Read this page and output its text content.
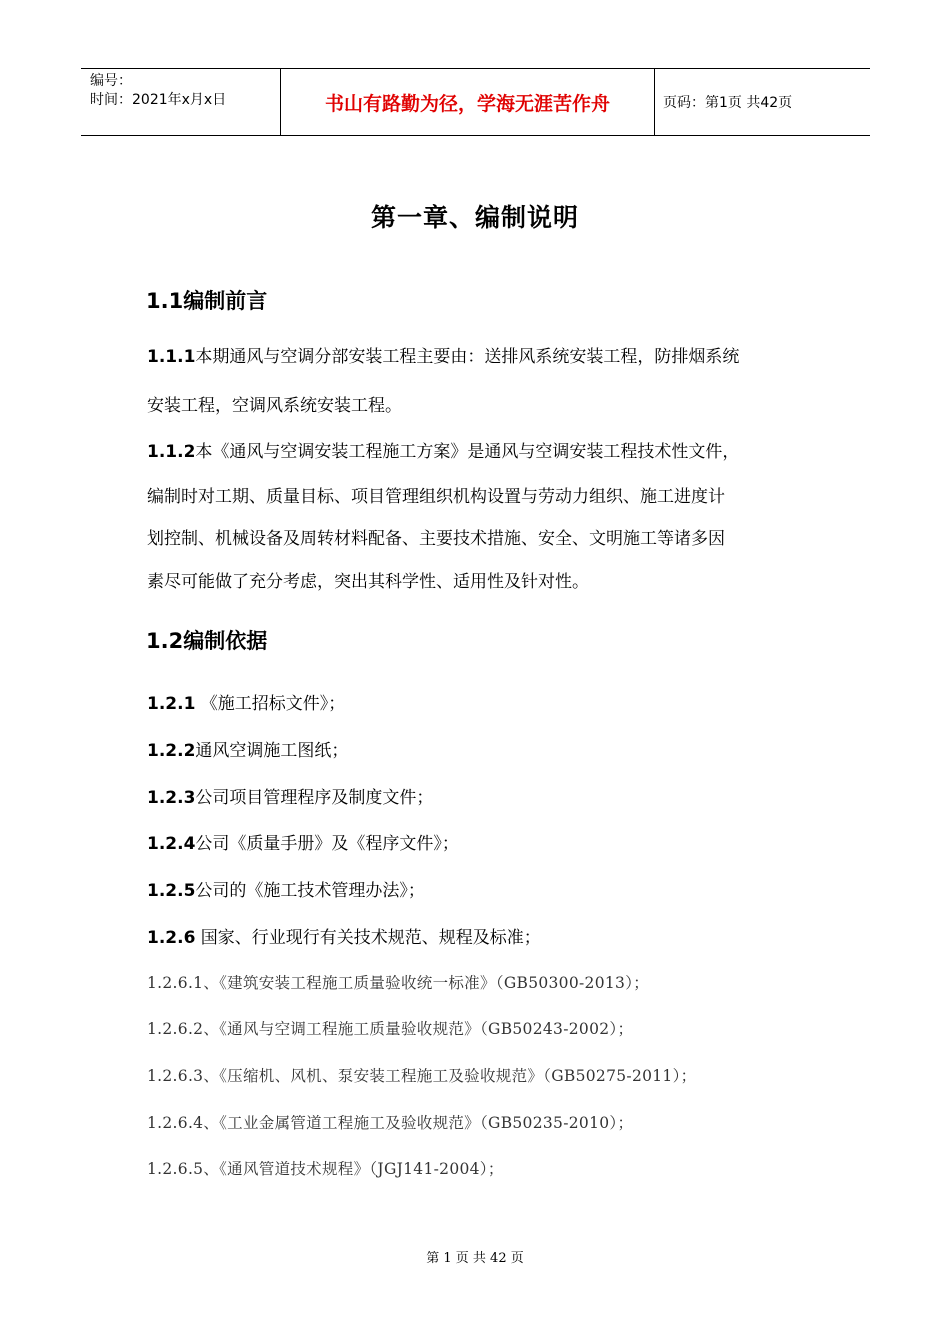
编号：
时间：2021年x月x日	书山有路勤为径，学海无涯苦作舟	页码：第1页 共42页
第一章、编制说明
1.1编制前言
1.1.1本期通风与空调分部安装工程主要由：送排风系统安装工程，防排烟系统
安装工程，空调风系统安装工程。
1.1.2本《通风与空调安装工程施工方案》是通风与空调安装工程技术性文件，
编制时对工期、质量目标、项目管理组织机构设置与劳动力组织、施工进度计
划控制、机械设备及周转材料配备、主要技术措施、安全、文明施工等诸多因
素尽可能做了充分考虑，突出其科学性、适用性及针对性。
1.2编制依据
1.2.1 《施工招标文件》；
1.2.2通风空调施工图纸；
1.2.3公司项目管理程序及制度文件；
1.2.4公司《质量手册》及《程序文件》；
1.2.5公司的《施工技术管理办法》；
1.2.6 国家、行业现行有关技术规范、规程及标准；
1.2.6.1、《建筑安装工程施工质量验收统一标准》（GB50300-2013）；
1.2.6.2、《通风与空调工程施工质量验收规范》（GB50243-2002）；
1.2.6.3、《压缩机、风机、泵安装工程施工及验收规范》（GB50275-2011）；
1.2.6.4、《工业金属管道工程施工及验收规范》（GB50235-2010）；
1.2.6.5、《通风管道技术规程》（JGJ141-2004）；
第 1 页 共 42 页
